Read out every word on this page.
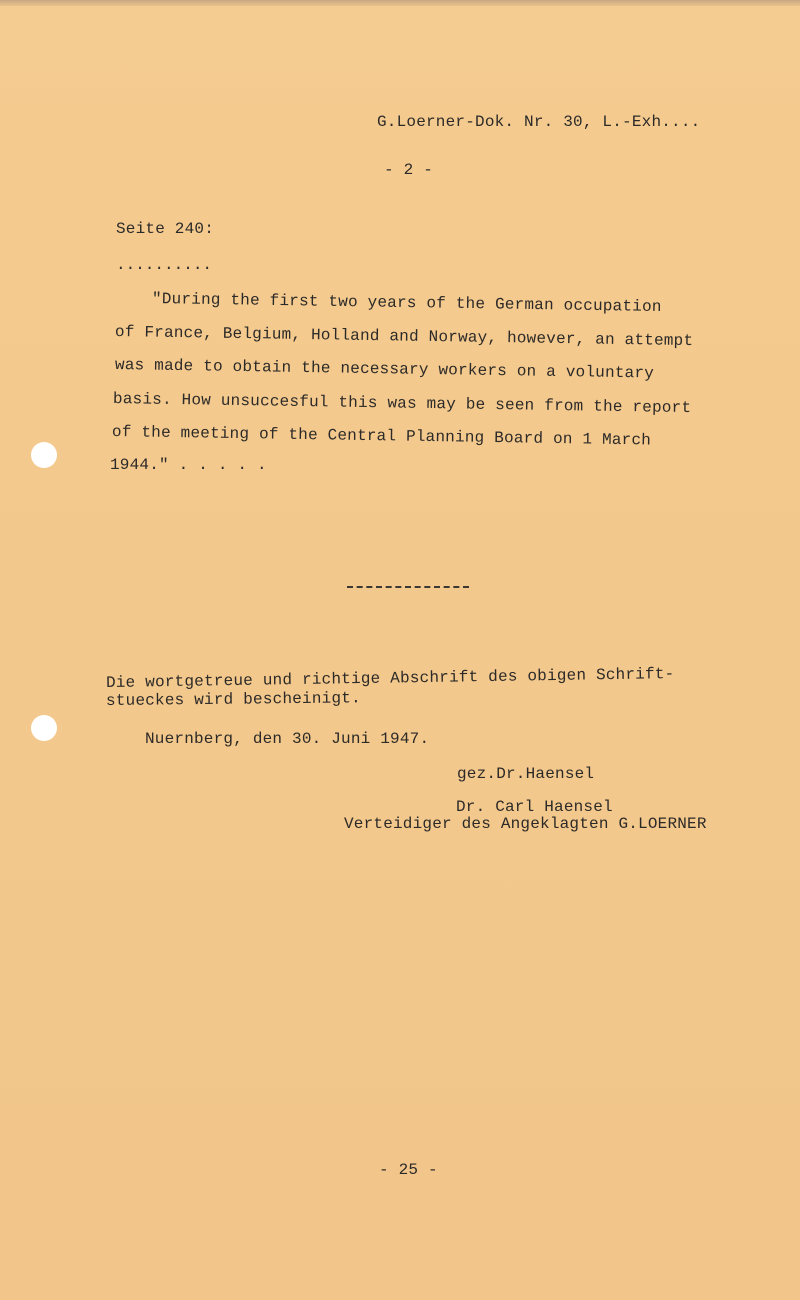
G.Loerner-Dok. Nr. 30, L.-Exh....
- 2 -
Seite 240:
..........
"During the first two years of the German occupation
of France, Belgium, Holland and Norway, however, an attempt
was made to obtain the necessary workers on a voluntary
basis. How unsuccesful this was may be seen from the report
of the meeting of the Central Planning Board on 1 March
1944." . . . . .
Die wortgetreue und richtige Abschrift des obigen Schrift-
stueckes wird bescheinigt.
Nuernberg, den 30. Juni 1947.
gez.Dr.Haensel
Dr. Carl Haensel
Verteidiger des Angeklagten G.LOERNER
- 25 -
